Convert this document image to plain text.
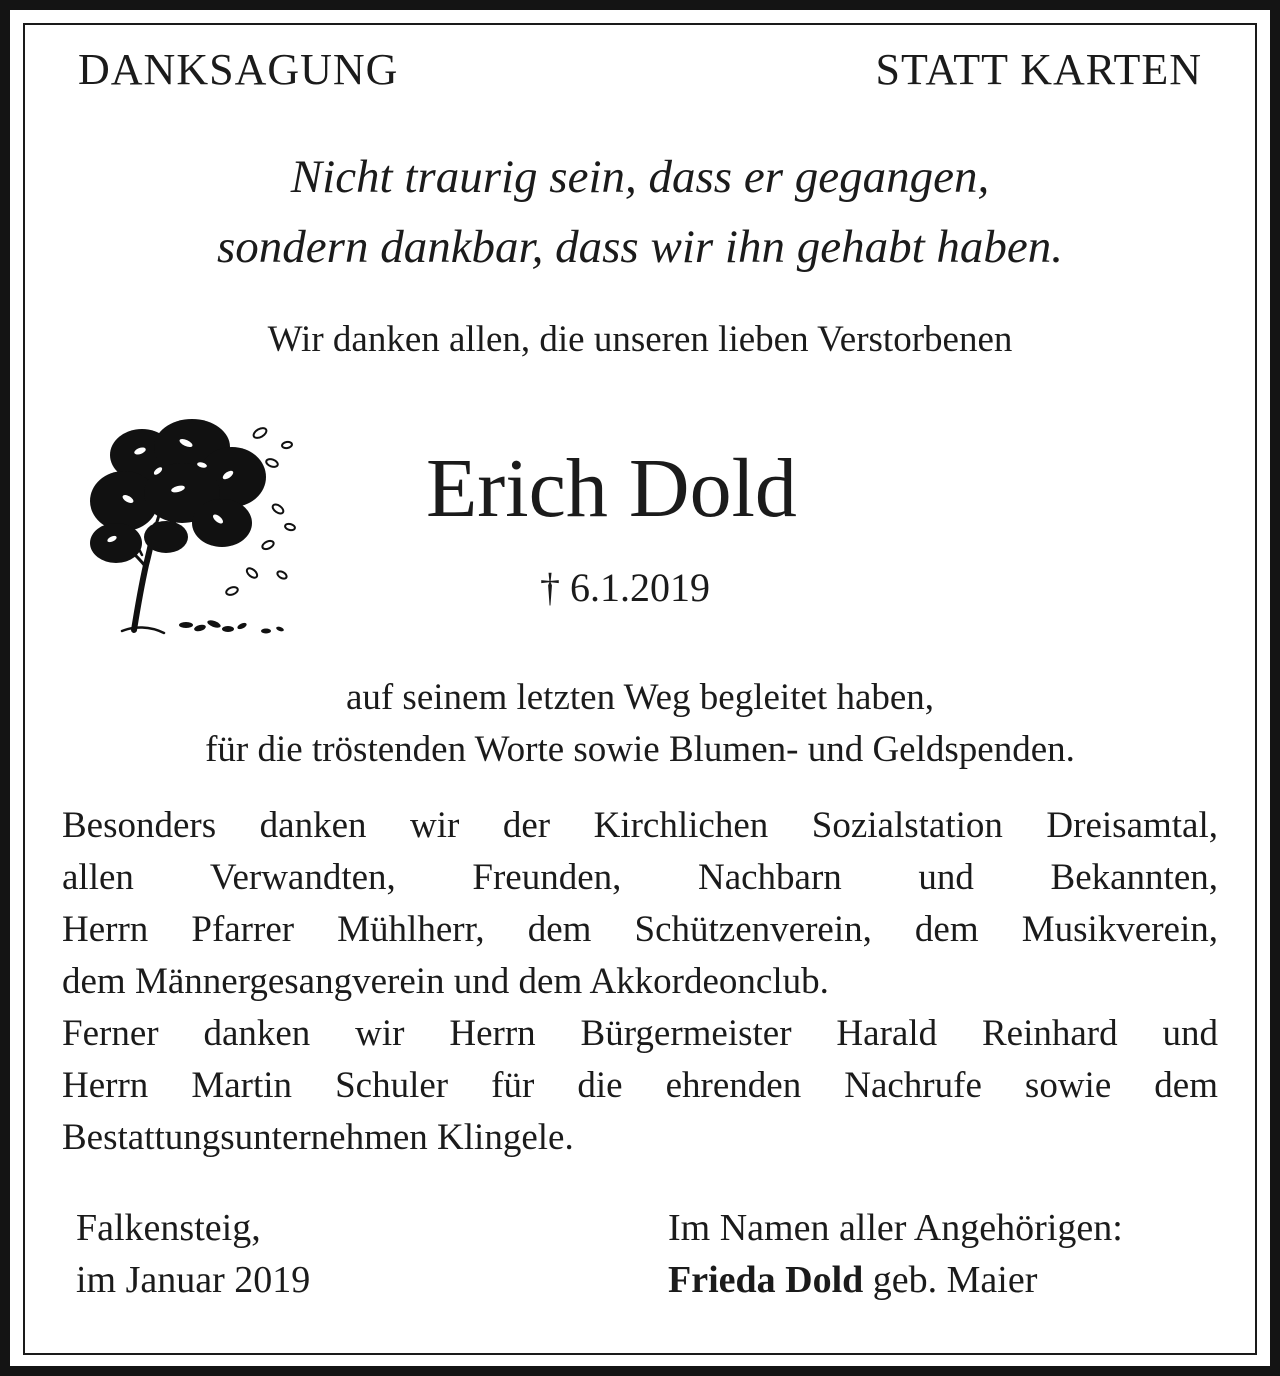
DANKSAGUNG	STATT KARTEN

Nicht traurig sein, dass er gegangen,

sondern dankbar, dass wir ihn gehabt haben.

Wir danken allen, die unseren lieben Verstorbenen

Erich Dold

† 6.1.2019

auf seinem letzten Weg begleitet haben,

für die tröstenden Worte sowie Blumen- und Geldspenden.

Besonders danken wir der Kirchlichen Sozialstation Dreisamtal,

allen Verwandten, Freunden, Nachbarn und Bekannten,

Herrn Pfarrer Mühlherr, dem Schützenverein, dem Musikverein,

dem Männergesangverein und dem Akkordeonclub.

Ferner danken wir Herrn Bürgermeister Harald Reinhard und

Herrn Martin Schuler für die ehrenden Nachrufe sowie dem

Bestattungsunternehmen Klingele.

Falkensteig,

im Januar 2019

Im Namen aller Angehörigen:

Frieda Dold geb. Maier
